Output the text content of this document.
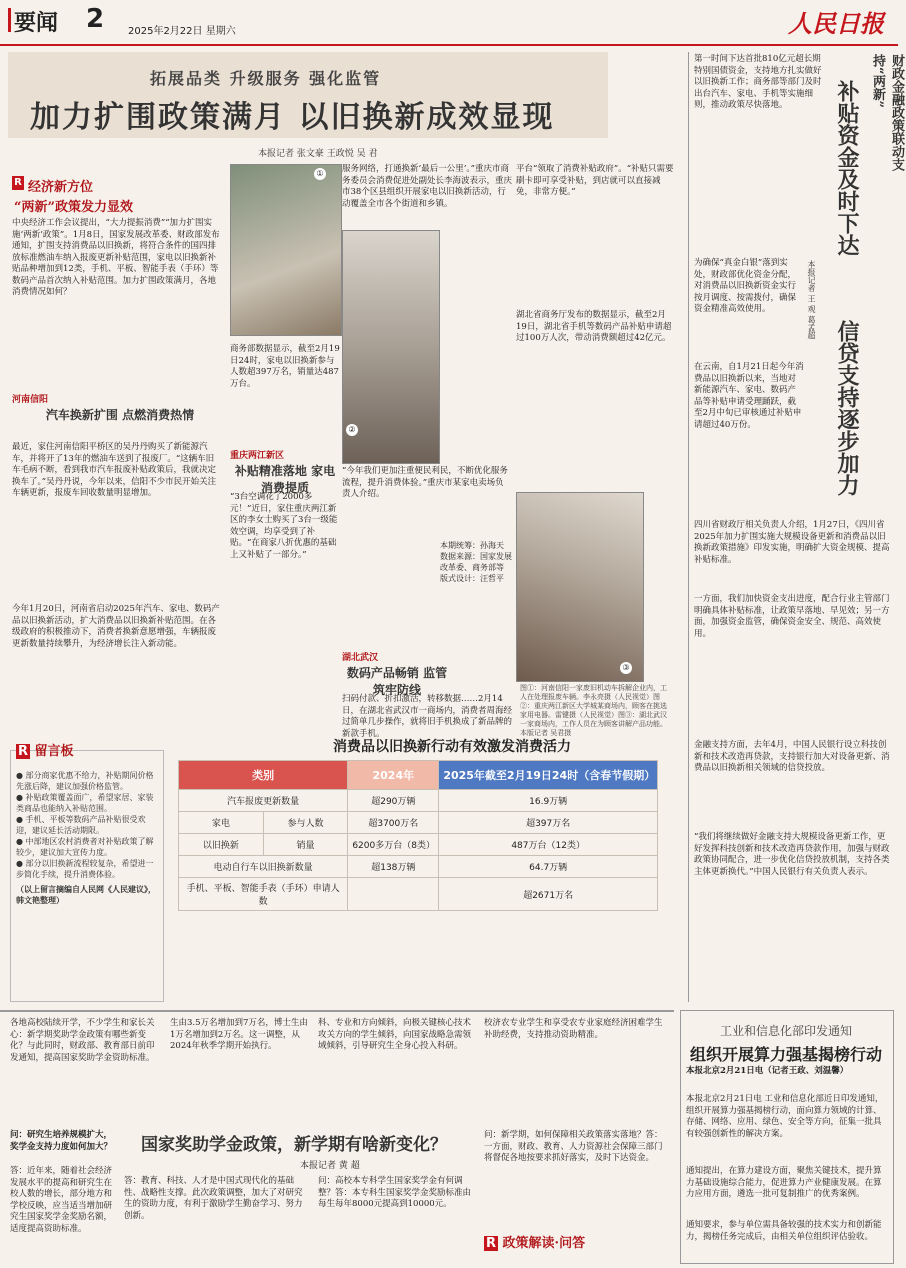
要闻 2 2025年2月22日 星期六	人民日报
拓展品类 升级服务 强化监管
加力扩围政策满月 以旧换新成效显现
本报记者 张文豪 王政悦 吴 君
R 经济新方位
“两新”政策发力显效
中央经济工作会议提出，“大力提振消费”“加力扩围实施‘两新’政策”。1月8日，国家发展改革委、财政部发布通知，扩围支持消费品以旧换新，将符合条件的国四排放标准燃油车纳入报废更新补贴范围，家电以旧换新补贴品种增加到12类，手机、平板、智能手表（手环）等数码产品首次纳入补贴范围。加力扩围政策满月，各地消费情况如何？
河南信阳
汽车换新扩围 点燃消费热情
最近，家住河南信阳平桥区的吴丹丹购买了新能源汽车，并将开了13年的燃油车送到了报废厂。“这辆车旧车毛病不断，看到我市汽车报废补贴政策后，我就决定换车了。”吴丹丹说，今年以来，信阳不少市民开始关注车辆更新，报废车回收数量明显增加。
今年1月20日，河南省启动2025年汽车、家电、数码产品以旧换新活动，扩大消费品以旧换新补贴范围。在各级政府的积极推动下，消费者换新意愿增强，车辆报废更新数量持续攀升，为经济增长注入新动能。
①
商务部数据显示，截至2月19日24时，家电以旧换新参与人数超397万名，销量达487万台。
重庆两江新区
补贴精准落地 家电消费提质
“3台空调花了2000多元！”近日，家住重庆两江新区的李女士购买了3台一级能效空调，均享受到了补贴。“在商家八折优惠的基础上又补贴了一部分。”
服务网络，打通换新‘最后一公里’。”重庆市商务委员会消费促进处副处长李海波表示，重庆市38个区县组织开展家电以旧换新活动，行动覆盖全市各个街道和乡镇。
②
“今年我们更加注重便民利民，不断优化服务流程，提升消费体验。”重庆市某家电卖场负责人介绍。
湖北武汉
数码产品畅销 监管筑牢防线
扫码付款、折扣激活，转移数据……2月14日，在湖北省武汉市一商场内，消费者周海经过简单几步操作，就将旧手机换成了新品牌的新款手机。
平台“领取了消费补贴政府”。“补贴只需要刷卡即可享受补贴，到店就可以直接减免，非常方便。”
湖北省商务厅发布的数据显示，截至2月19日，湖北省手机等数码产品补贴申请超过100万人次，带动消费额超过42亿元。
③
图①：河南信阳一家废旧机动车拆解企业内，工人在处理报废车辆。李永亮摄（人民视觉）图②：重庆两江新区大学城某商场内，顾客在挑选家用电器。雷键摄（人民视觉）图③：湖北武汉一家商场内，工作人员在为顾客讲解产品功能。本版记者 吴君摄
本期统筹：孙海天 数据来源：国家发展改革委、商务部等 版式设计：汪哲平
R 留言板
● 部分商家优惠不给力，补贴期间价格先涨后降，建议加强价格监管。
● 补贴政策覆盖面广，希望家居、家装类商品也能纳入补贴范围。
● 手机、平板等数码产品补贴很受欢迎，建议延长活动期限。
● 中部地区农村消费者对补贴政策了解较少，建议加大宣传力度。
● 部分以旧换新流程较复杂，希望进一步简化手续，提升消费体验。
（以上留言摘编自人民网《人民建议》，韩文艳整理）
消费品以旧换新行动有效激发消费活力
类别		2024年	2025年截至2月19日24时（含春节假期）
汽车报废更新数量		超290万辆	16.9万辆
家电	参与人数	超3700万名	超397万名
以旧换新	销量	6200多万台（8类）	487万台（12类）
电动自行车以旧换新数量		超138万辆	64.7万辆
手机、平板、智能手表（手环）申请人数			超2671万名
第一时间下达首批810亿元超长期特别国债资金，支持地方扎实做好以旧换新工作；商务部等部门及时出台汽车、家电、手机等实施细则，推动政策尽快落地。	财政金融政策联动支持“两新”
补贴资金及时下达
本报记者 王 观 葛孟超
信贷支持逐步加力
为确保“真金白银”落到实处，财政部优化资金分配，对消费品以旧换新资金实行按月调度、按需拨付，确保资金精准高效使用。
在云南，自1月21日起今年消费品以旧换新以来，当地对新能源汽车、家电、数码产品等补贴申请受理踊跃，截至2月中旬已审核通过补贴申请超过40万份。
四川省财政厅相关负责人介绍，1月27日，《四川省2025年加力扩围实施大规模设备更新和消费品以旧换新政策措施》印发实施，明确扩大资金规模、提高补贴标准。
一方面，我们加快资金支出进度，配合行业主管部门明确具体补贴标准，让政策早落地、早见效；另一方面，加强资金监管，确保资金安全、规范、高效使用。
金融支持方面，去年4月，中国人民银行设立科技创新和技术改造再贷款，支持银行加大对设备更新、消费品以旧换新相关领域的信贷投放。
“我们将继续做好金融支持大规模设备更新工作，更好发挥科技创新和技术改造再贷款作用，加强与财政政策协同配合，进一步优化信贷投放机制，支持各类主体更新换代。”中国人民银行有关负责人表示。
各地高校陆续开学，不少学生和家长关心：新学期奖助学金政策有哪些新变化？与此同时，财政部、教育部日前印发通知，提高国家奖助学金资助标准。
问：研究生培养规模扩大，奖学金支持力度如何加大？
答：近年来，随着社会经济发展水平的提高和研究生在校人数的增长，部分地方和学校反映，应当适当增加研究生国家奖学金奖励名额，适度提高资助标准。
生由3.5万名增加到7万名，博士生由1万名增加到2万名。这一调整，从2024年秋季学期开始执行。
国家奖助学金政策，新学期有啥新变化？
本报记者 黄 超
答：教育、科技、人才是中国式现代化的基础性、战略性支撑。此次政策调整，加大了对研究生的资助力度，有利于激励学生勤奋学习、努力创新。
科、专业和方向倾斜，向极关键核心技术攻关方向的学生倾斜，向国家战略急需领域倾斜，引导研究生全身心投入科研。
问：高校本专科学生国家奖学金有何调整？答：本专科生国家奖学金奖励标准由每生每年8000元提高到10000元。
校济农专业学生和享受农专业家庭经济困难学生补助经费，支持推动资助精准。
问：新学期，如何保障相关政策落实落地？答：一方面，财政、教育、人力资源社会保障三部门将督促各地按要求抓好落实，及时下达资金。
R 政策解读·问答
工业和信息化部印发通知
组织开展算力强基揭榜行动
本报北京2月21日电（记者王政、刘温馨）
本报北京2月21日电 工业和信息化部近日印发通知，组织开展算力强基揭榜行动，面向算力领域的计算、存储、网络、应用、绿色、安全等方向，征集一批具有较强创新性的解决方案。
通知提出，在算力建设方面，聚焦关键技术，提升算力基础设施综合能力，促进算力产业健康发展。在算力应用方面，遴选一批可复制推广的优秀案例。
通知要求，参与单位需具备较强的技术实力和创新能力，揭榜任务完成后，由相关单位组织评估验收。
